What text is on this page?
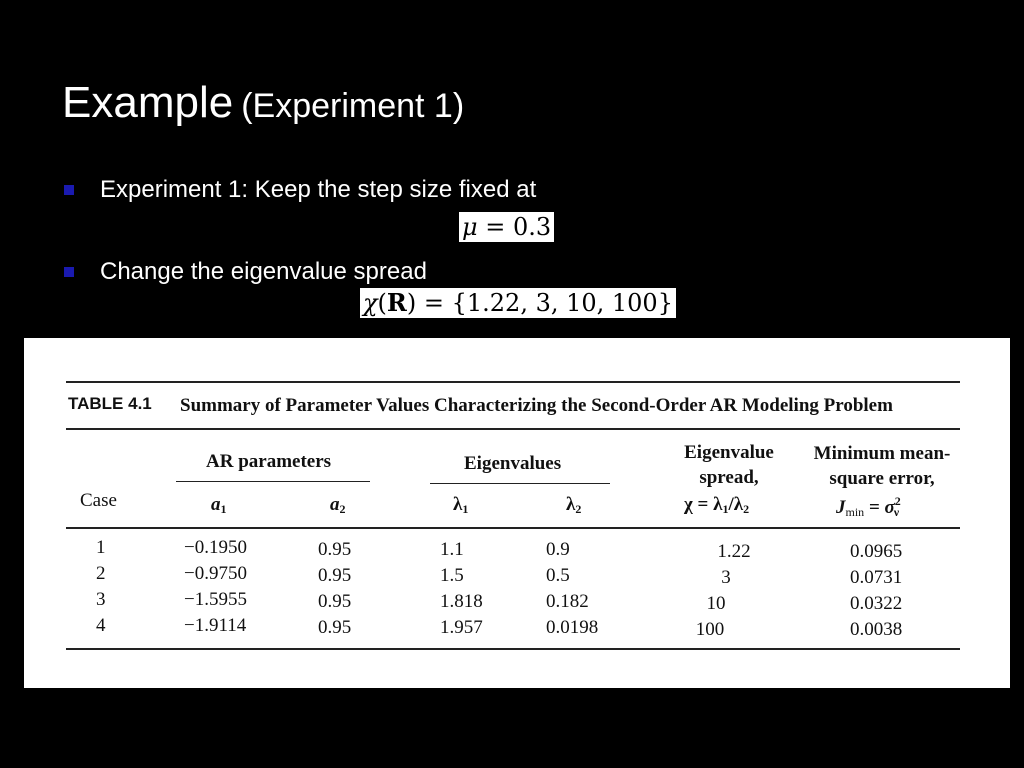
Example (Experiment 1)
Experiment 1: Keep the step size fixed at
μ = 0.3
Change the eigenvalue spread
χ(R) = {1.22, 3, 10, 100}
TABLE 4.1 Summary of Parameter Values Characterizing the Second-Order AR Modeling Problem
AR parameters	Eigenvalues
Eigenvalue
spread,
Minimum mean-
square error,
Case	a1	a2	λ1	λ2	χ = λ1/λ2	$Jmin = \sigma^2\nu$
1	−0.1950	0.95	1.1	0.9	1.22	0.0965
2	−0.9750	0.95	1.5	0.5	3	0.0731
3	−1.5955	0.95	1.818	0.182	10	0.0322
4	−1.9114	0.95	1.957	0.0198	100	0.0038
